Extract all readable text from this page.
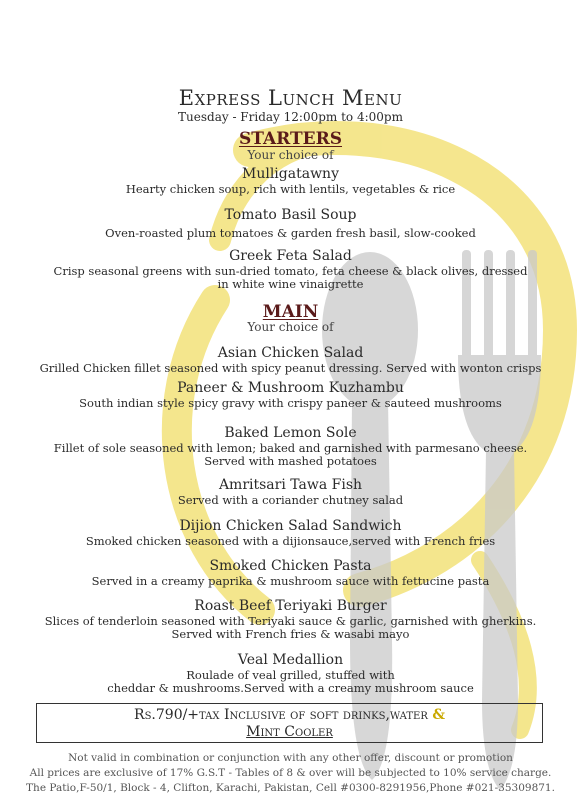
Express Lunch Menu
Tuesday - Friday 12:00pm to 4:00pm
STARTERS
Your choice of
Mulligatawny
Hearty chicken soup, rich with lentils, vegetables & rice
Tomato Basil Soup
Oven-roasted plum tomatoes & garden fresh basil, slow-cooked
Greek Feta Salad
Crisp seasonal greens with sun-dried tomato, feta cheese & black olives, dressed
in white wine vinaigrette
MAIN
Your choice of
Asian Chicken Salad
Grilled Chicken fillet seasoned with spicy peanut dressing. Served with wonton crisps
Paneer & Mushroom Kuzhambu
South indian style spicy gravy with crispy paneer & sauteed mushrooms
Baked Lemon Sole
Fillet of sole seasoned with lemon; baked and garnished with parmesano cheese.
Served with mashed potatoes
Amritsari Tawa Fish
Served with a coriander chutney salad
Dijion Chicken Salad Sandwich
Smoked chicken seasoned with a dijionsauce,served with French fries
Smoked Chicken Pasta
Served in a creamy paprika & mushroom sauce with fettucine pasta
Roast Beef Teriyaki Burger
Slices of tenderloin seasoned with Teriyaki sauce & garlic, garnished with gherkins.
Served with French fries & wasabi mayo
Veal Medallion
Roulade of veal grilled, stuffed with
cheddar & mushrooms.Served with a creamy mushroom sauce
Rs.790/+tax Inclusive of soft drinks,water &
Mint Cooler
Not valid in combination or conjunction with any other offer, discount or promotion
All prices are exclusive of 17% G.S.T - Tables of 8 & over will be subjected to 10% service charge.
The Patio,F-50/1, Block - 4, Clifton, Karachi, Pakistan, Cell #0300-8291956,Phone #021-35309871.
